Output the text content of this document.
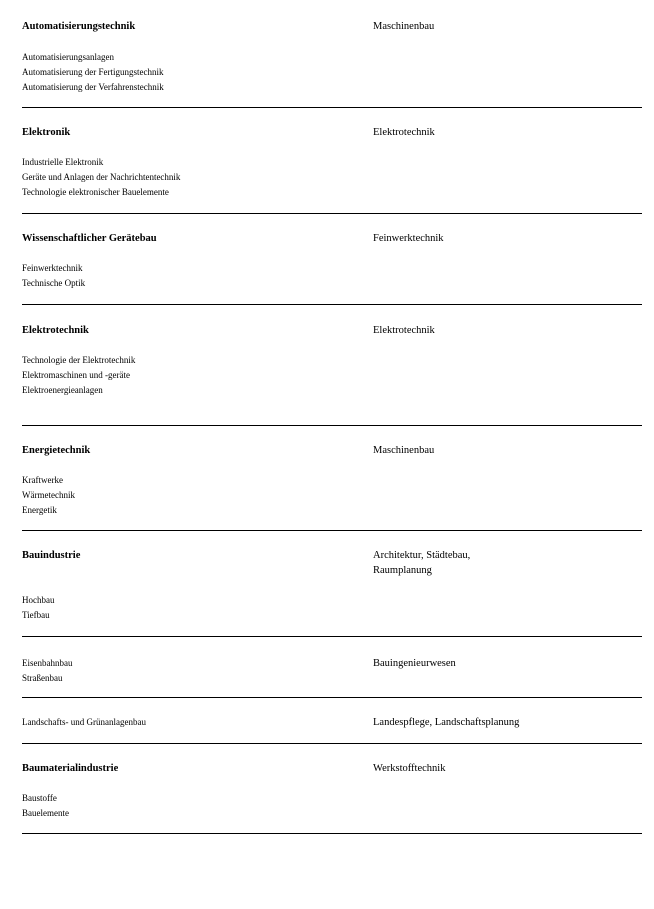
Automatisierungstechnik
Automatisierungsanlagen
Automatisierung der Fertigungstechnik
Automatisierung der Verfahrenstechnik
Maschinenbau
Elektronik
Industrielle Elektronik
Geräte und Anlagen der Nachrichtentechnik
Technologie elektronischer Bauelemente
Elektrotechnik
Wissenschaftlicher Gerätebau
Feinwerktechnik
Technische Optik
Feinwerktechnik
Elektrotechnik
Technologie der Elektrotechnik
Elektromaschinen und -geräte
Elektroenergieanlagen
Elektrotechnik
Energietechnik
Kraftwerke
Wärmetechnik
Energetik
Maschinenbau
Bauindustrie
Hochbau
Tiefbau
Architektur, Städtebau,
Raumplanung
Eisenbahnbau
Straßenbau
Bauingenieurwesen
Landschafts- und Grünanlagenbau	Landespflege, Landschaftsplanung
Baumaterialindustrie
Baustoffe
Bauelemente
Werkstofftechnik
